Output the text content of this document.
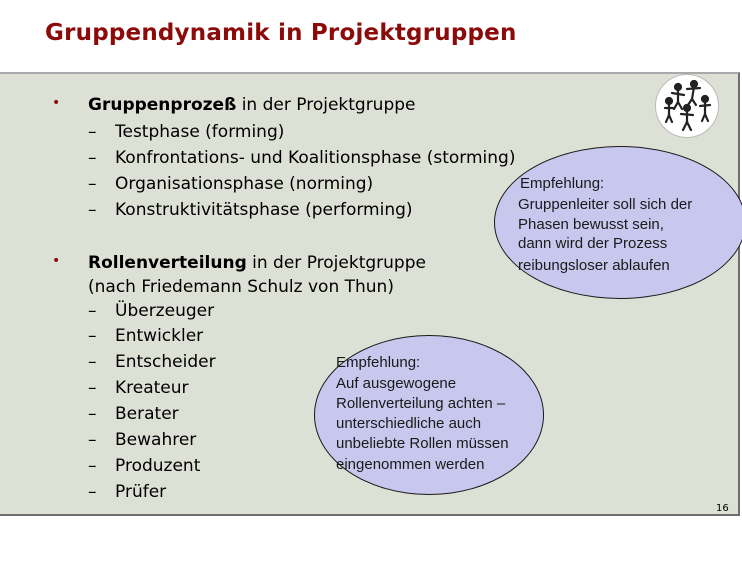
Gruppendynamik in Projektgruppen
Empfehlung:
Gruppenleiter soll sich der
Phasen bewusst sein,
dann wird der Prozess
reibungsloser ablaufen
• Gruppenprozeß in der Projektgruppe
– Testphase (forming)
– Konfrontations- und Koalitionsphase (storming)
– Organisationsphase (norming)
– Konstruktivitätsphase (performing)
Empfehlung:
Auf ausgewogene
Rollenverteilung achten –
unterschiedliche auch
unbeliebte Rollen müssen
eingenommen werden
• Rollenverteilung in der Projektgruppe
(nach Friedemann Schulz von Thun)
– Überzeuger
– Entwickler
– Entscheider
– Kreateur
– Berater
– Bewahrer
– Produzent
– Prüfer
16
